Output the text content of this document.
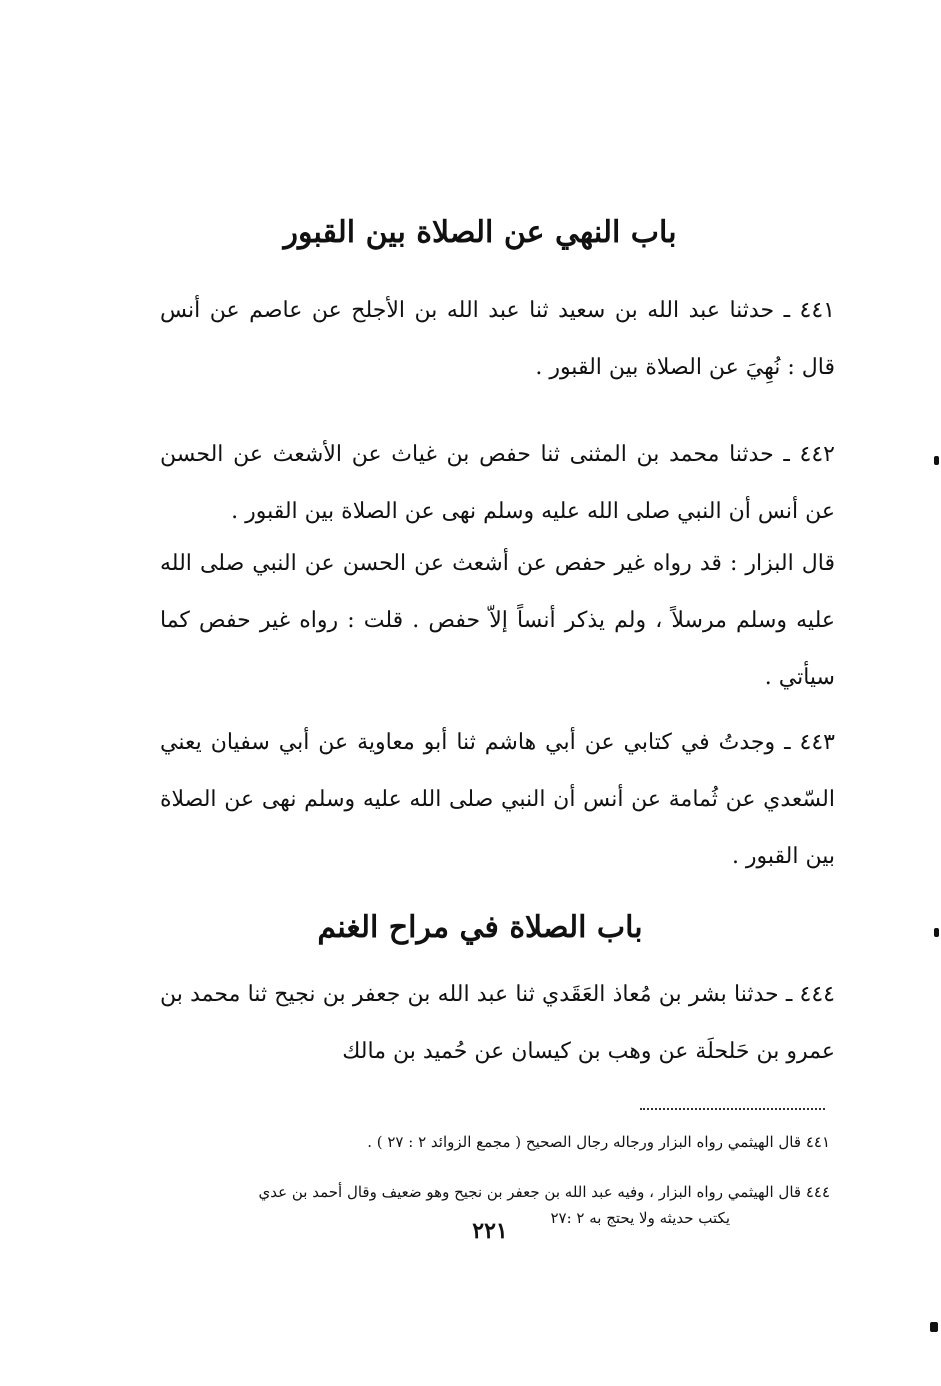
باب النهي عن الصلاة بين القبور
٤٤١ ـ حدثنا عبد الله بن سعيد ثنا عبد الله بن الأجلح عن عاصم عن أنس قال : نُهِيَ عن الصلاة بين القبور .
٤٤٢ ـ حدثنا محمد بن المثنى ثنا حفص بن غياث عن الأشعث عن الحسن عن أنس أن النبي صلى الله عليه وسلم نهى عن الصلاة بين القبور .
قال البزار : قد رواه غير حفص عن أشعث عن الحسن عن النبي صلى الله عليه وسلم مرسلاً ، ولم يذكر أنساً إلاّ حفص . قلت : رواه غير حفص كما سيأتي .
٤٤٣ ـ وجدتُ في كتابي عن أبي هاشم ثنا أبو معاوية عن أبي سفيان يعني السّعدي عن ثُمامة عن أنس أن النبي صلى الله عليه وسلم نهى عن الصلاة بين القبور .
باب الصلاة في مراح الغنم
٤٤٤ ـ حدثنا بشر بن مُعاذ العَقَدي ثنا عبد الله بن جعفر بن نجيح ثنا محمد بن عمرو بن حَلحلَة عن وهب بن كيسان عن حُميد بن مالك
٤٤١ قال الهيثمي رواه البزار ورجاله رجال الصحيح ( مجمع الزوائد ٢ : ٢٧ ) .
٤٤٤ قال الهيثمي رواه البزار ، وفيه عبد الله بن جعفر بن نجيح وهو ضعيف وقال أحمد بن عدي
يكتب حديثه ولا يحتج به ٢ :٢٧
٢٢١
